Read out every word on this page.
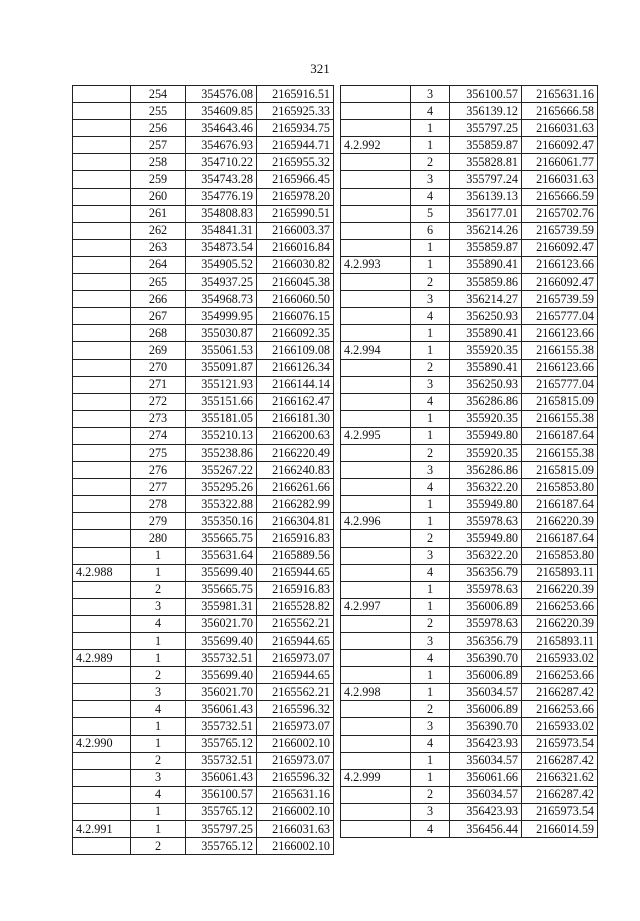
321
	254	354576.08	2165916.51
	255	354609.85	2165925.33
	256	354643.46	2165934.75
	257	354676.93	2165944.71
	258	354710.22	2165955.32
	259	354743.28	2165966.45
	260	354776.19	2165978.20
	261	354808.83	2165990.51
	262	354841.31	2166003.37
	263	354873.54	2166016.84
	264	354905.52	2166030.82
	265	354937.25	2166045.38
	266	354968.73	2166060.50
	267	354999.95	2166076.15
	268	355030.87	2166092.35
	269	355061.53	2166109.08
	270	355091.87	2166126.34
	271	355121.93	2166144.14
	272	355151.66	2166162.47
	273	355181.05	2166181.30
	274	355210.13	2166200.63
	275	355238.86	2166220.49
	276	355267.22	2166240.83
	277	355295.26	2166261.66
	278	355322.88	2166282.99
	279	355350.16	2166304.81
	280	355665.75	2165916.83
	1	355631.64	2165889.56
4.2.988	1	355699.40	2165944.65
	2	355665.75	2165916.83
	3	355981.31	2165528.82
	4	356021.70	2165562.21
	1	355699.40	2165944.65
4.2.989	1	355732.51	2165973.07
	2	355699.40	2165944.65
	3	356021.70	2165562.21
	4	356061.43	2165596.32
	1	355732.51	2165973.07
4.2.990	1	355765.12	2166002.10
	2	355732.51	2165973.07
	3	356061.43	2165596.32
	4	356100.57	2165631.16
	1	355765.12	2166002.10
4.2.991	1	355797.25	2166031.63
	2	355765.12	2166002.10
	3	356100.57	2165631.16
	4	356139.12	2165666.58
	1	355797.25	2166031.63
4.2.992	1	355859.87	2166092.47
	2	355828.81	2166061.77
	3	355797.24	2166031.63
	4	356139.13	2165666.59
	5	356177.01	2165702.76
	6	356214.26	2165739.59
	1	355859.87	2166092.47
4.2.993	1	355890.41	2166123.66
	2	355859.86	2166092.47
	3	356214.27	2165739.59
	4	356250.93	2165777.04
	1	355890.41	2166123.66
4.2.994	1	355920.35	2166155.38
	2	355890.41	2166123.66
	3	356250.93	2165777.04
	4	356286.86	2165815.09
	1	355920.35	2166155.38
4.2.995	1	355949.80	2166187.64
	2	355920.35	2166155.38
	3	356286.86	2165815.09
	4	356322.20	2165853.80
	1	355949.80	2166187.64
4.2.996	1	355978.63	2166220.39
	2	355949.80	2166187.64
	3	356322.20	2165853.80
	4	356356.79	2165893.11
	1	355978.63	2166220.39
4.2.997	1	356006.89	2166253.66
	2	355978.63	2166220.39
	3	356356.79	2165893.11
	4	356390.70	2165933.02
	1	356006.89	2166253.66
4.2.998	1	356034.57	2166287.42
	2	356006.89	2166253.66
	3	356390.70	2165933.02
	4	356423.93	2165973.54
	1	356034.57	2166287.42
4.2.999	1	356061.66	2166321.62
	2	356034.57	2166287.42
	3	356423.93	2165973.54
	4	356456.44	2166014.59
